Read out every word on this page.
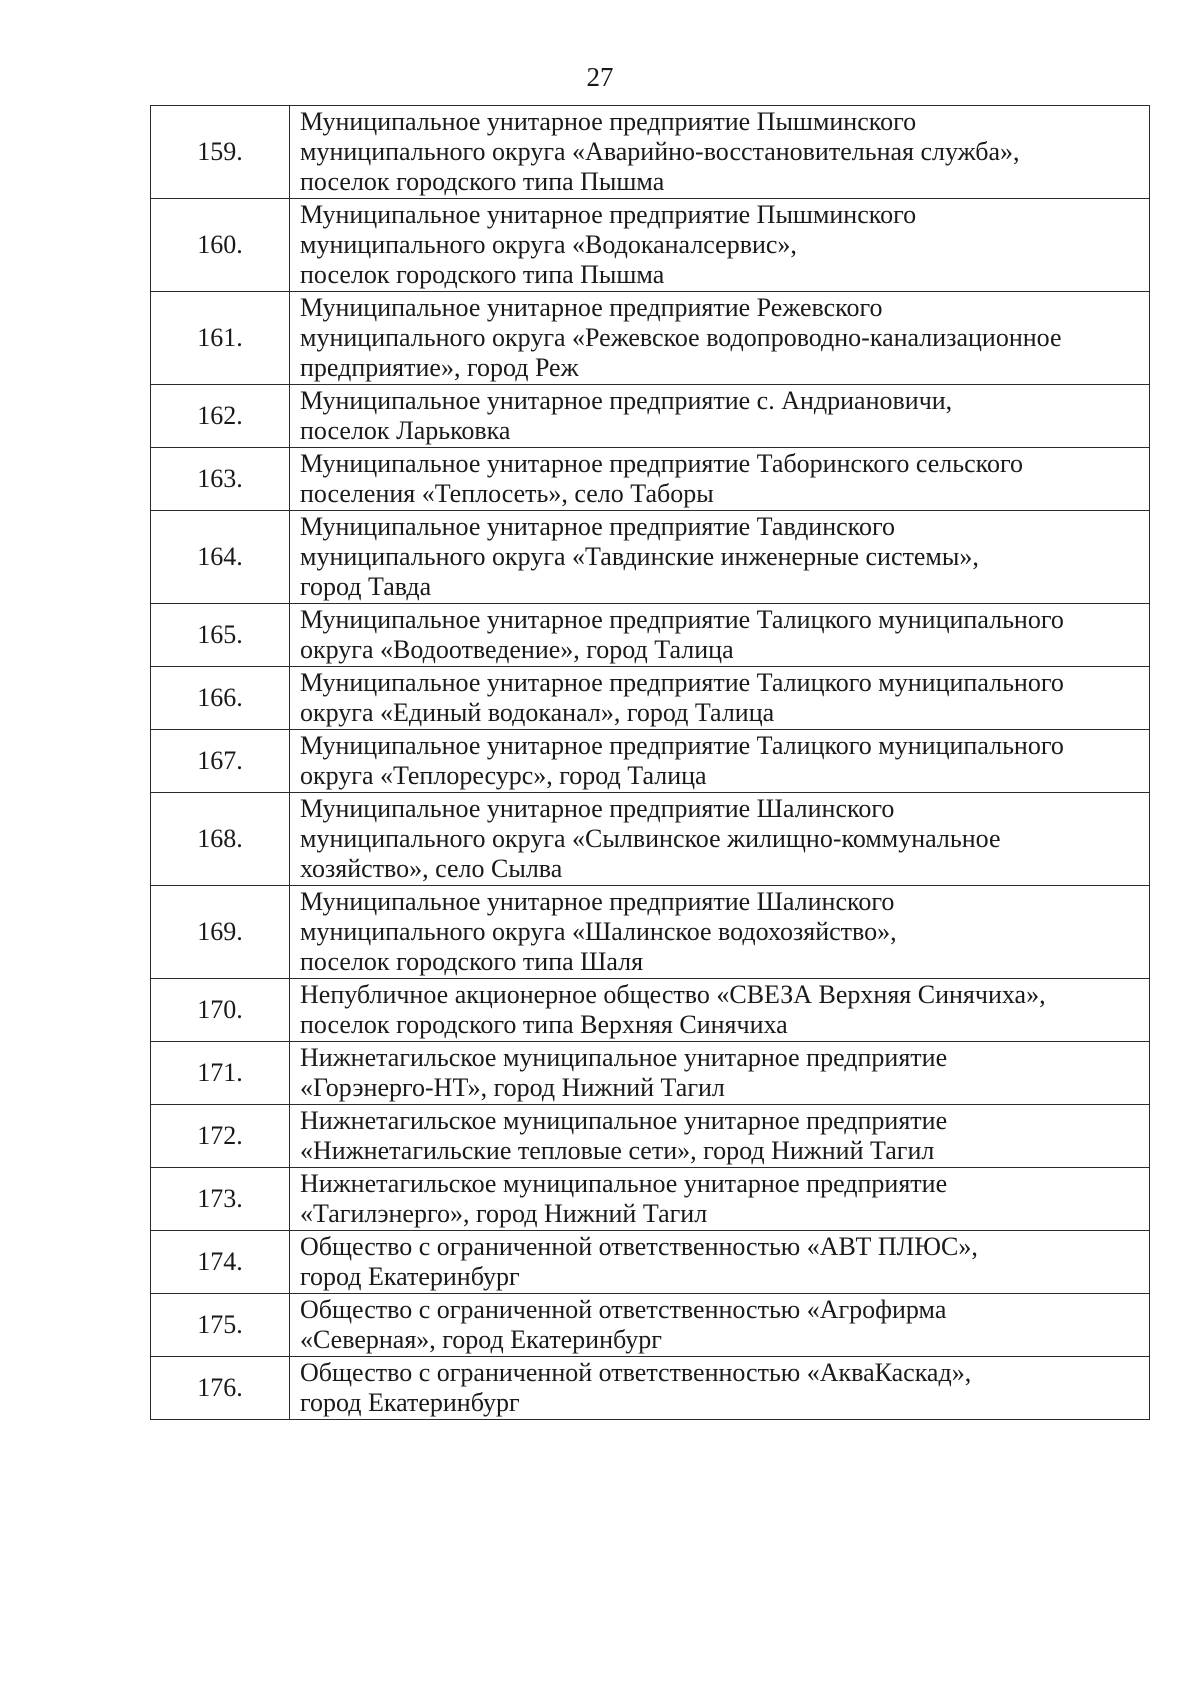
27
159.	Муниципальное унитарное предприятие Пышминского
муниципального округа «Аварийно-восстановительная служба»,
поселок городского типа Пышма

160.	Муниципальное унитарное предприятие Пышминского
муниципального округа «Водоканалсервис»,
поселок городского типа Пышма

161.	Муниципальное унитарное предприятие Режевского
муниципального округа «Режевское водопроводно-канализационное
предприятие», город Реж

162.	Муниципальное унитарное предприятие с. Андриановичи,
поселок Ларьковка

163.	Муниципальное унитарное предприятие Таборинского сельского
поселения «Теплосеть», село Таборы

164.	Муниципальное унитарное предприятие Тавдинского
муниципального округа «Тавдинские инженерные системы»,
город Тавда

165.	Муниципальное унитарное предприятие Талицкого муниципального
округа «Водоотведение», город Талица

166.	Муниципальное унитарное предприятие Талицкого муниципального
округа «Единый водоканал», город Талица

167.	Муниципальное унитарное предприятие Талицкого муниципального
округа «Теплоресурс», город Талица

168.	Муниципальное унитарное предприятие Шалинского
муниципального округа «Сылвинское жилищно-коммунальное
хозяйство», село Сылва

169.	Муниципальное унитарное предприятие Шалинского
муниципального округа «Шалинское водохозяйство»,
поселок городского типа Шаля

170.	Непубличное акционерное общество «СВЕЗА Верхняя Синячиха»,
поселок городского типа Верхняя Синячиха

171.	Нижнетагильское муниципальное унитарное предприятие
«Горэнерго-НТ», город Нижний Тагил

172.	Нижнетагильское муниципальное унитарное предприятие
«Нижнетагильские тепловые сети», город Нижний Тагил

173.	Нижнетагильское муниципальное унитарное предприятие
«Тагилэнерго», город Нижний Тагил

174.	Общество с ограниченной ответственностью «АВТ ПЛЮС»,
город Екатеринбург

175.	Общество с ограниченной ответственностью «Агрофирма
«Северная», город Екатеринбург

176.	Общество с ограниченной ответственностью «АкваКаскад»,
город Екатеринбург
